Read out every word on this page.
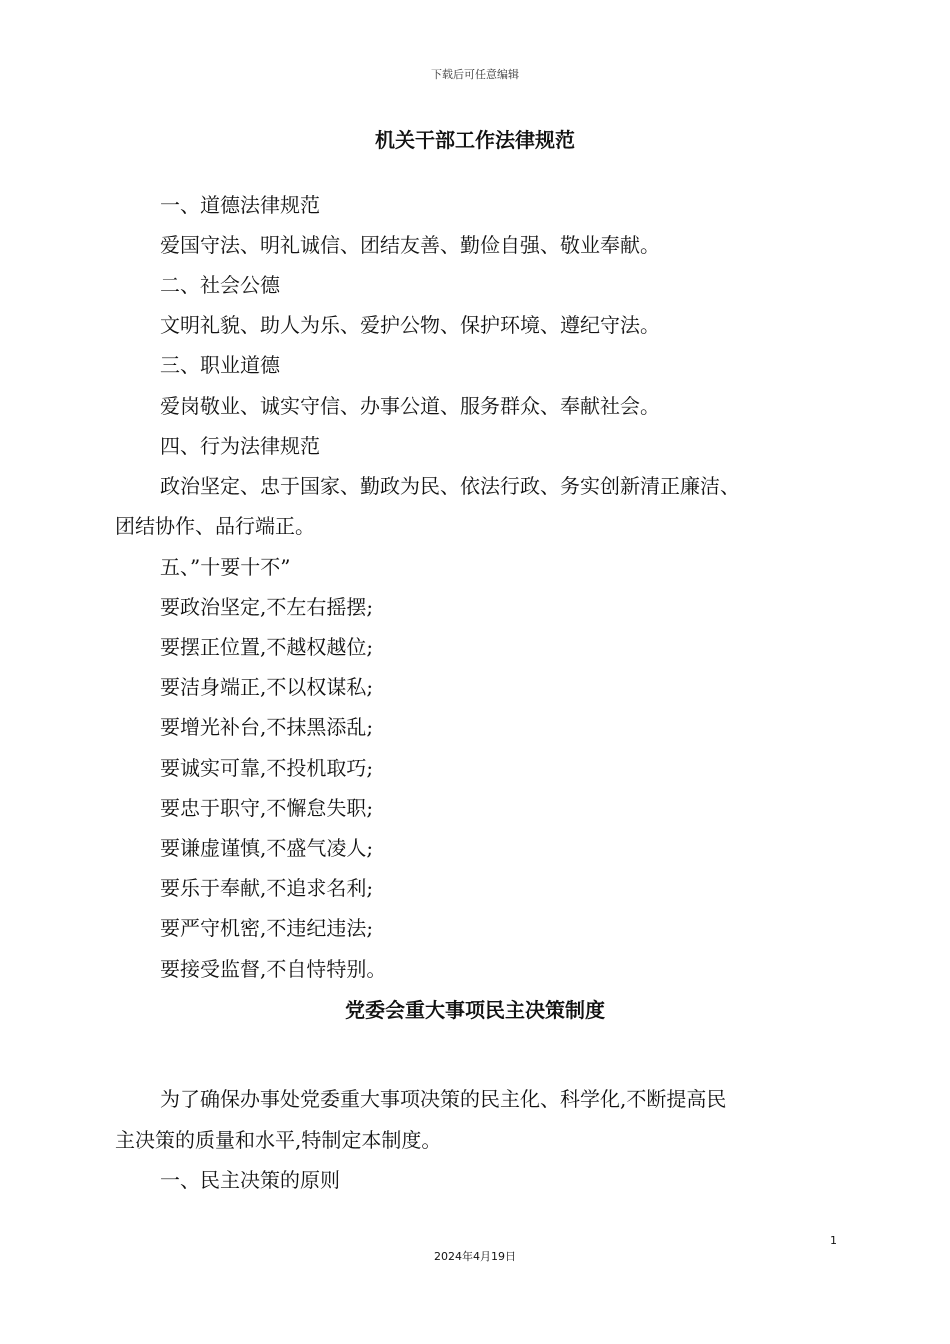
下载后可任意编辑
机关干部工作法律规范
一、道德法律规范
爱国守法、明礼诚信、团结友善、勤俭自强、敬业奉献。
二、社会公德
文明礼貌、助人为乐、爱护公物、保护环境、遵纪守法。
三、职业道德
爱岗敬业、诚实守信、办事公道、服务群众、奉献社会。
四、行为法律规范
政治坚定、忠于国家、勤政为民、依法行政、务实创新清正廉洁、
团结协作、品行端正。
五、”十要十不”
要政治坚定,不左右摇摆;
要摆正位置,不越权越位;
要洁身端正,不以权谋私;
要增光补台,不抹黑添乱;
要诚实可靠,不投机取巧;
要忠于职守,不懈怠失职;
要谦虚谨慎,不盛气凌人;
要乐于奉献,不追求名利;
要严守机密,不违纪违法;
要接受监督,不自恃特别。
党委会重大事项民主决策制度
为了确保办事处党委重大事项决策的民主化、科学化,不断提高民
主决策的质量和水平,特制定本制度。
一、民主决策的原则
1
2024年4月19日
